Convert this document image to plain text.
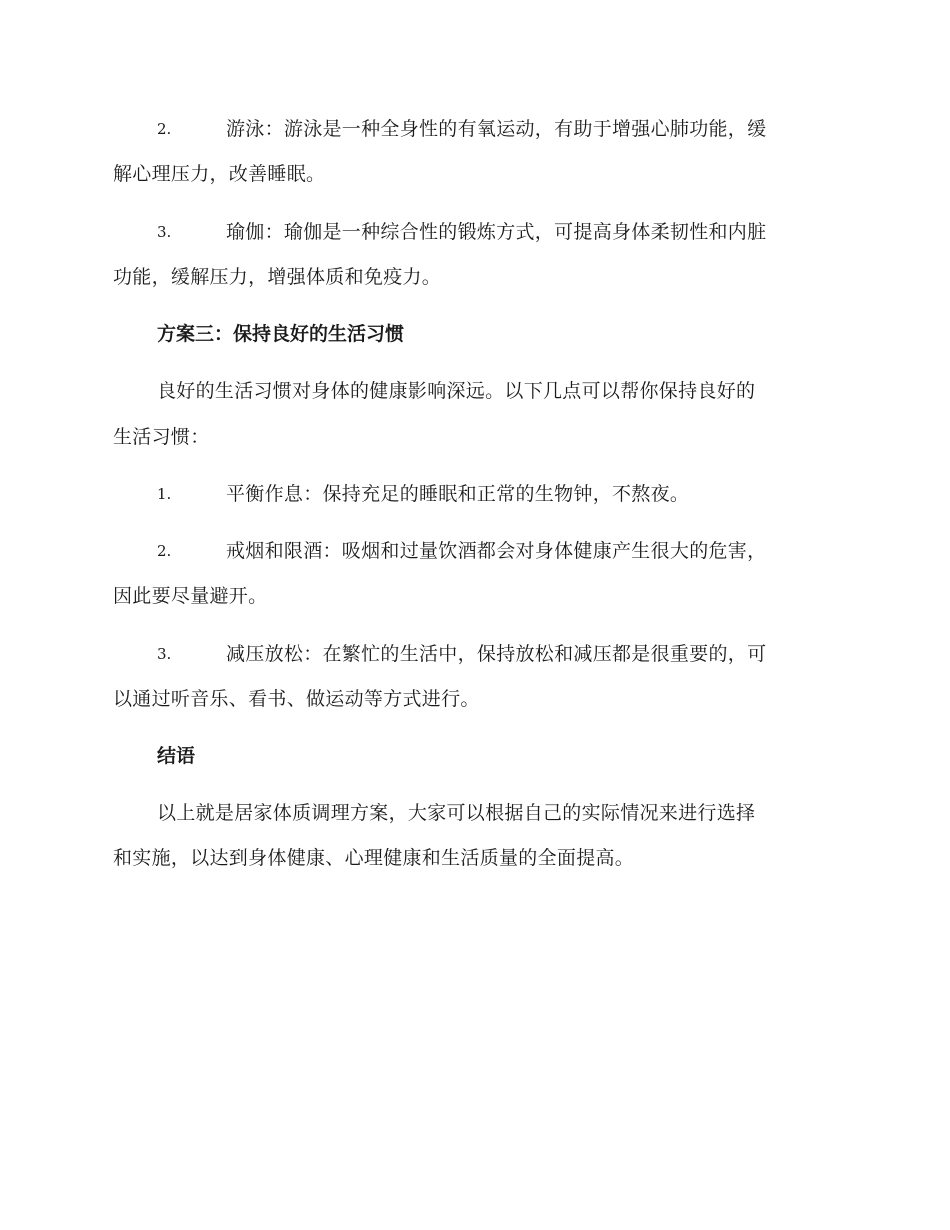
2.	游泳：游泳是一种全身性的有氧运动，有助于增强心肺功能，缓
解心理压力，改善睡眠。
3.	瑜伽：瑜伽是一种综合性的锻炼方式，可提高身体柔韧性和内脏
功能，缓解压力，增强体质和免疫力。
方案三：保持良好的生活习惯
良好的生活习惯对身体的健康影响深远。以下几点可以帮你保持良好的
生活习惯：
1.	平衡作息：保持充足的睡眠和正常的生物钟，不熬夜。
2.	戒烟和限酒：吸烟和过量饮酒都会对身体健康产生很大的危害，
因此要尽量避开。
3.	减压放松：在繁忙的生活中，保持放松和减压都是很重要的，可
以通过听音乐、看书、做运动等方式进行。
结语
以上就是居家体质调理方案，大家可以根据自己的实际情况来进行选择
和实施，以达到身体健康、心理健康和生活质量的全面提高。
